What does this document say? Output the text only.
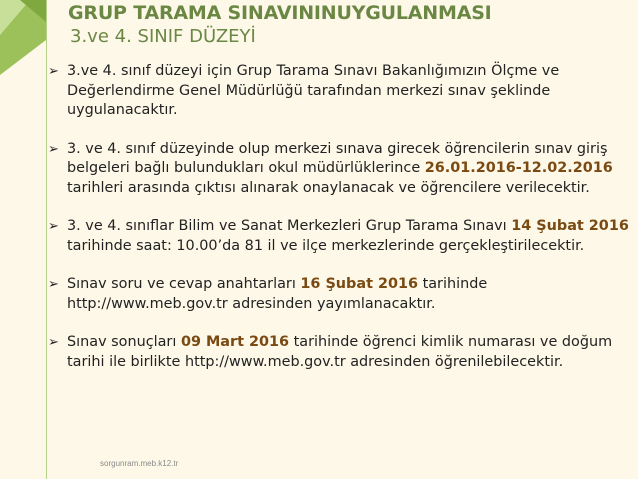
GRUP TARAMA SINAVININUYGULANMASI
3.ve 4. SINIF DÜZEYİ
➢ 3.ve 4. sınıf düzeyi için Grup Tarama Sınavı Bakanlığımızın Ölçme ve Değerlendirme Genel Müdürlüğü tarafından merkezi sınav şeklinde uygulanacaktır.
➢ 3. ve 4. sınıf düzeyinde olup merkezi sınava girecek öğrencilerin sınav giriş belgeleri bağlı bulundukları okul müdürlüklerince 26.01.2016-12.02.2016 tarihleri arasında çıktısı alınarak onaylanacak ve öğrencilere verilecektir.
➢ 3. ve 4. sınıflar Bilim ve Sanat Merkezleri Grup Tarama Sınavı 14 Şubat 2016 tarihinde saat: 10.00’da 81 il ve ilçe merkezlerinde gerçekleştirilecektir.
➢ Sınav soru ve cevap anahtarları 16 Şubat 2016 tarihinde http://www.meb.gov.tr adresinden yayımlanacaktır.
➢ Sınav sonuçları 09 Mart 2016 tarihinde öğrenci kimlik numarası ve doğum tarihi ile birlikte http://www.meb.gov.tr adresinden öğrenilebilecektir.
sorgunram.meb.k12.tr
